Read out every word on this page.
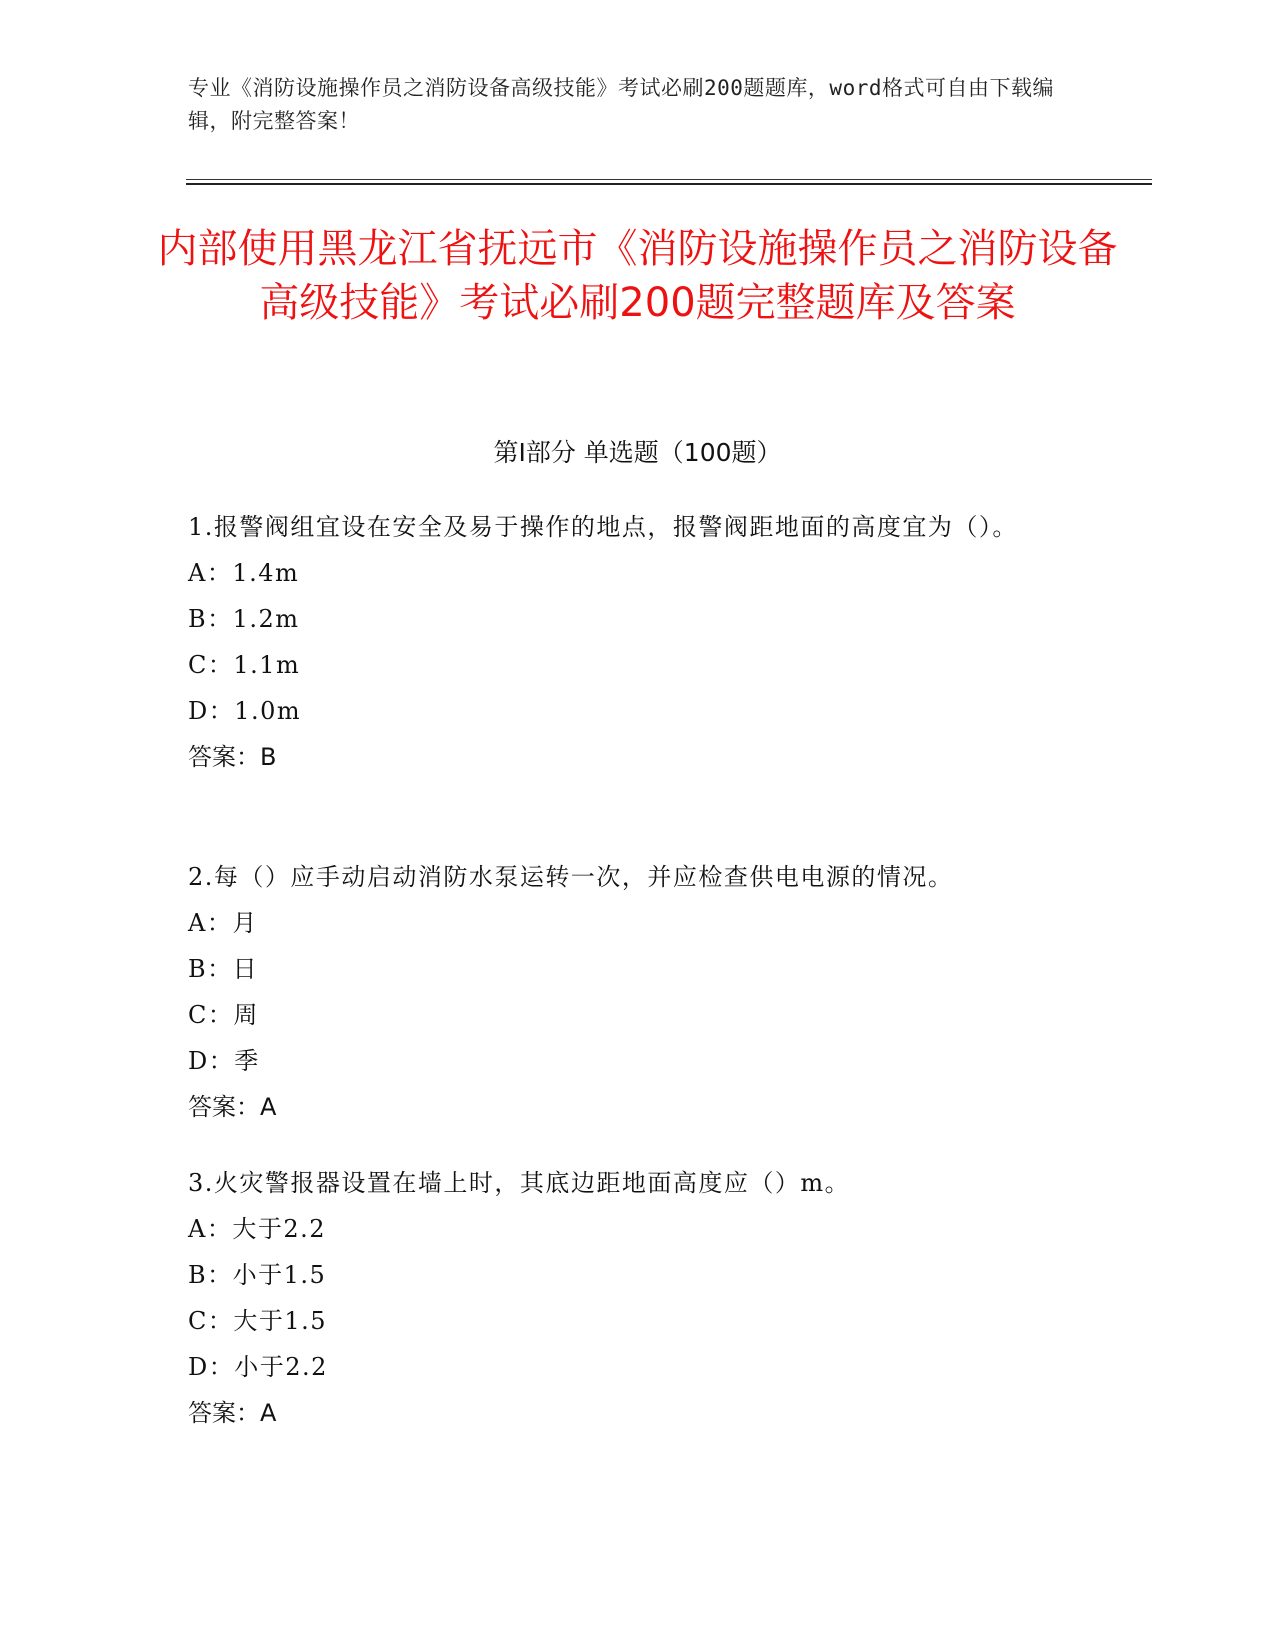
专业《消防设施操作员之消防设备高级技能》考试必刷200题题库，word格式可自由下载编辑，附完整答案！
内部使用黑龙江省抚远市《消防设施操作员之消防设备高级技能》考试必刷200题完整题库及答案
第Ⅰ部分 单选题（100题）

1.报警阀组宜设在安全及易于操作的地点，报警阀距地面的高度宜为（）。

A：1.4m

B：1.2m

C：1.1m

D：1.0m

答案：B

2.每（）应手动启动消防水泵运转一次，并应检查供电电源的情况。

A：月

B：日

C：周

D：季

答案：A

3.火灾警报器设置在墙上时，其底边距地面高度应（）m。

A：大于2.2

B：小于1.5

C：大于1.5

D：小于2.2

答案：A
